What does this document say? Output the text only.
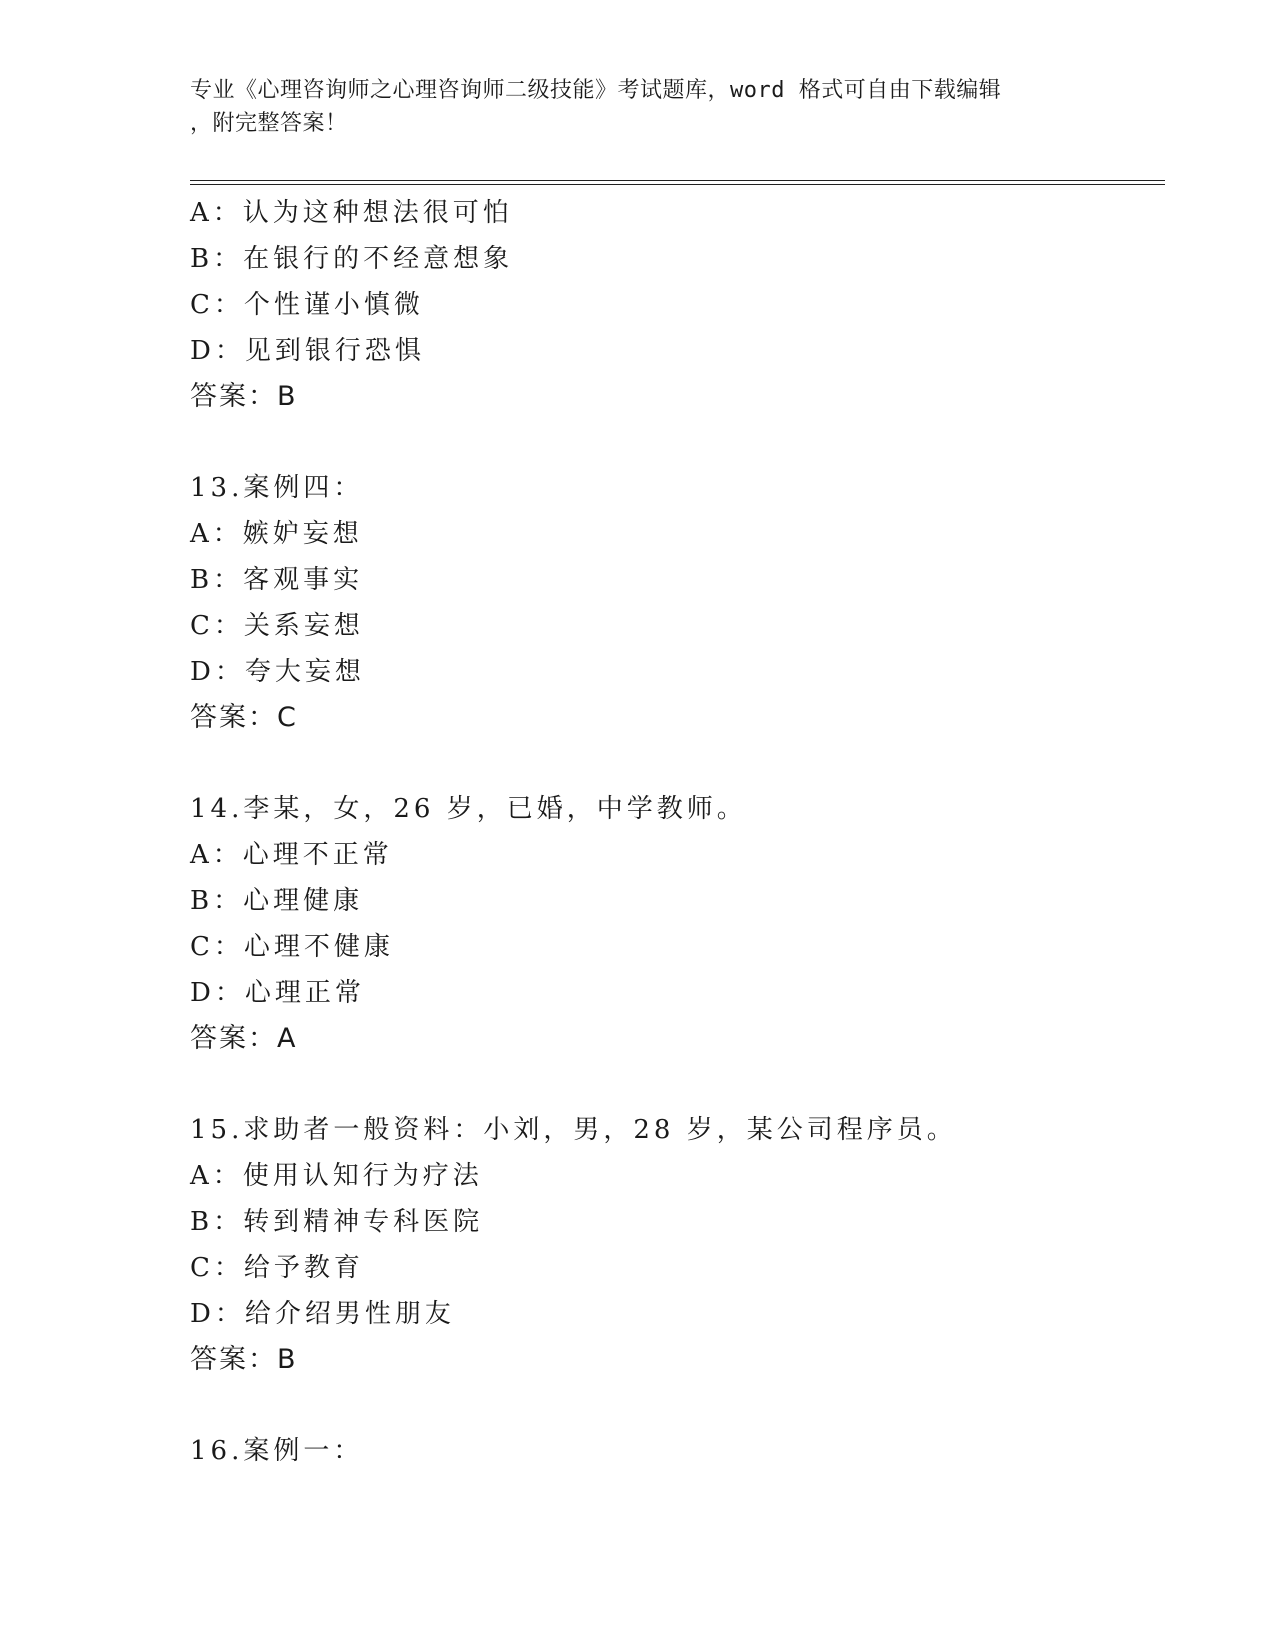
专业《心理咨询师之心理咨询师二级技能》考试题库，word 格式可自由下载编辑
，附完整答案！
A：认为这种想法很可怕
B：在银行的不经意想象
C：个性谨小慎微
D：见到银行恐惧
答案：B
13.案例四：
A：嫉妒妄想
B：客观事实
C：关系妄想
D：夸大妄想
答案：C
14.李某，女，26 岁，已婚，中学教师。
A：心理不正常
B：心理健康
C：心理不健康
D：心理正常
答案：A
15.求助者一般资料：小刘，男，28 岁，某公司程序员。
A：使用认知行为疗法
B：转到精神专科医院
C：给予教育
D：给介绍男性朋友
答案：B
16.案例一：
